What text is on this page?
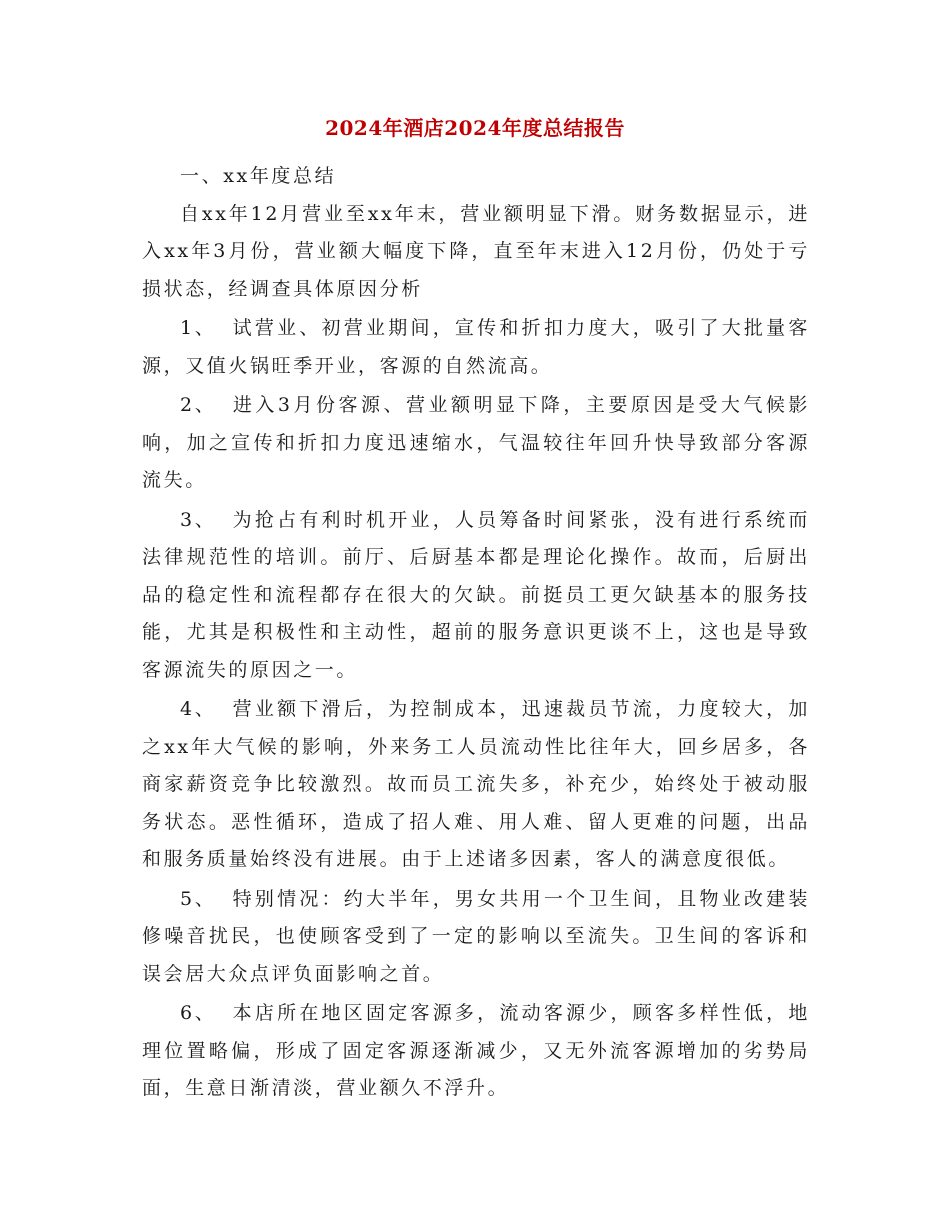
2024年酒店2024年度总结报告

一、xx年度总结

自xx年12月营业至xx年末，营业额明显下滑。财务数据显示，进入xx年3月份，营业额大幅度下降，直至年末进入12月份，仍处于亏损状态，经调查具体原因分析

1、 试营业、初营业期间，宣传和折扣力度大，吸引了大批量客源，又值火锅旺季开业，客源的自然流高。

2、 进入3月份客源、营业额明显下降，主要原因是受大气候影响，加之宣传和折扣力度迅速缩水，气温较往年回升快导致部分客源流失。

3、 为抢占有利时机开业，人员筹备时间紧张，没有进行系统而法律规范性的培训。前厅、后厨基本都是理论化操作。故而，后厨出品的稳定性和流程都存在很大的欠缺。前挺员工更欠缺基本的服务技能，尤其是积极性和主动性，超前的服务意识更谈不上，这也是导致客源流失的原因之一。

4、 营业额下滑后，为控制成本，迅速裁员节流，力度较大，加之xx年大气候的影响，外来务工人员流动性比往年大，回乡居多，各商家薪资竞争比较激烈。故而员工流失多，补充少，始终处于被动服务状态。恶性循环，造成了招人难、用人难、留人更难的问题，出品和服务质量始终没有进展。由于上述诸多因素，客人的满意度很低。

5、 特别情况：约大半年，男女共用一个卫生间，且物业改建装修噪音扰民，也使顾客受到了一定的影响以至流失。卫生间的客诉和误会居大众点评负面影响之首。

6、 本店所在地区固定客源多，流动客源少，顾客多样性低，地理位置略偏，形成了固定客源逐渐减少，又无外流客源增加的劣势局面，生意日渐清淡，营业额久不浮升。
